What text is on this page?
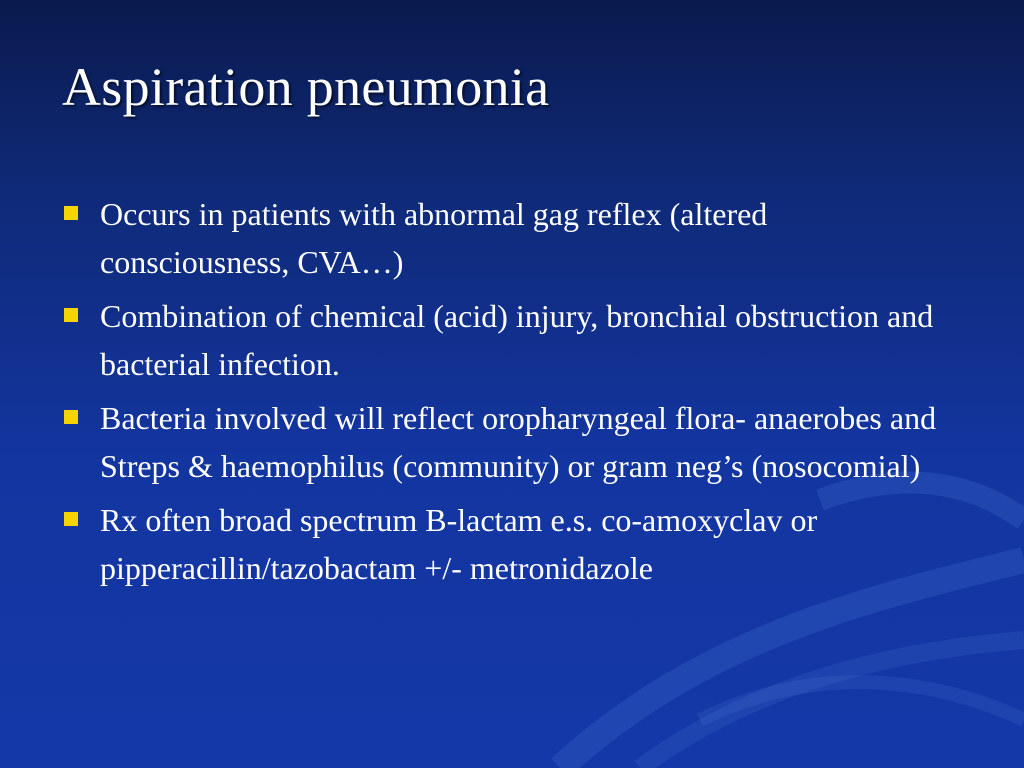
Aspiration pneumonia
Occurs in patients with abnormal gag reflex (altered consciousness, CVA…)
Combination of chemical (acid) injury, bronchial obstruction and bacterial infection.
Bacteria involved will reflect oropharyngeal flora- anaerobes and Streps & haemophilus (community) or gram neg’s (nosocomial)
Rx often broad spectrum B-lactam e.s. co-amoxyclav or pipperacillin/tazobactam +/- metronidazole
